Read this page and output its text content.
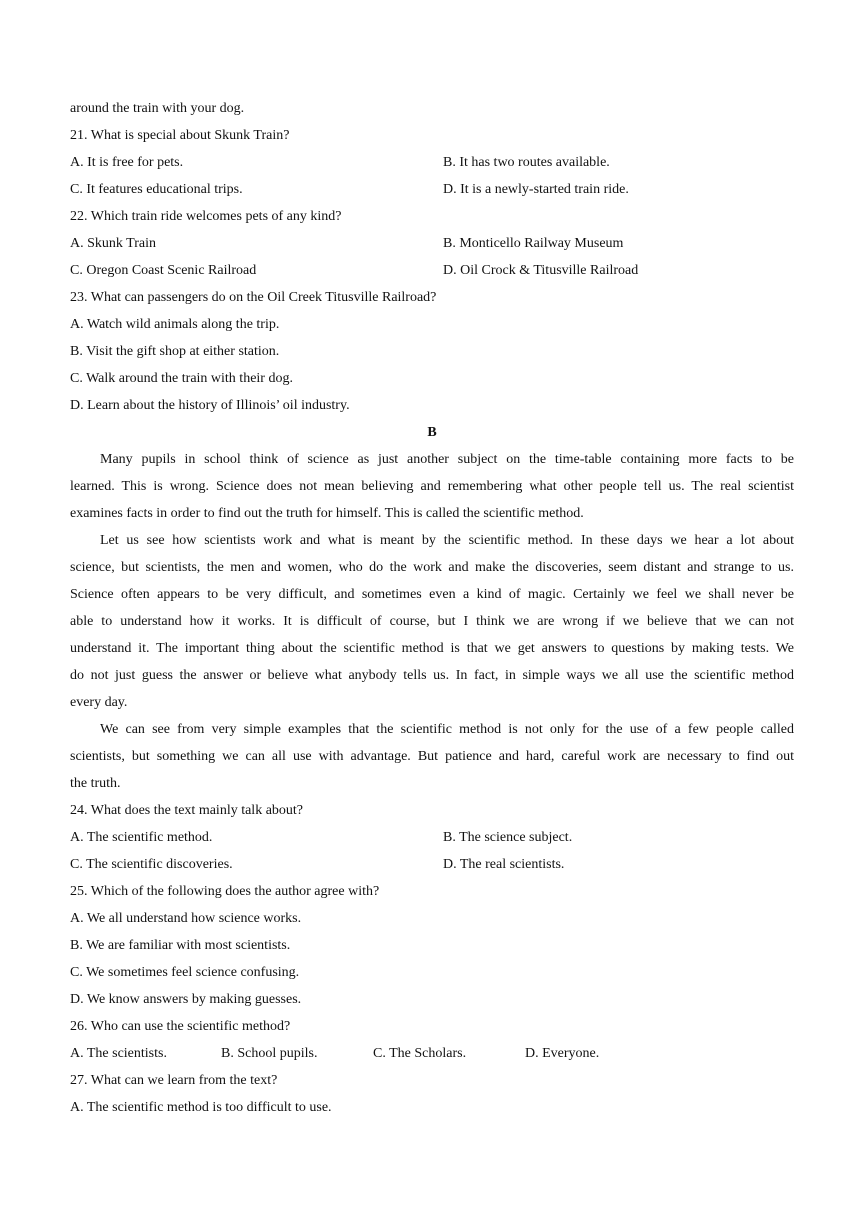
around the train with your dog.
21. What is special about Skunk Train?
A. It is free for pets.	B. It has two routes available.
C. It features educational trips.	D. It is a newly-started train ride.
22. Which train ride welcomes pets of any kind?
A. Skunk Train	B. Monticello Railway Museum
C. Oregon Coast Scenic Railroad	D. Oil Crock & Titusville Railroad
23. What can passengers do on the Oil Creek Titusville Railroad?
A. Watch wild animals along the trip.
B. Visit the gift shop at either station.
C. Walk around the train with their dog.
D. Learn about the history of Illinois’ oil industry.
B
Many pupils in school think of science as just another subject on the time-table containing more facts to be
learned. This is wrong. Science does not mean believing and remembering what other people tell us. The real scientist
examines facts in order to find out the truth for himself. This is called the scientific method.
Let us see how scientists work and what is meant by the scientific method. In these days we hear a lot about
science, but scientists, the men and women, who do the work and make the discoveries, seem distant and strange to us.
Science often appears to be very difficult, and sometimes even a kind of magic. Certainly we feel we shall never be
able to understand how it works. It is difficult of course, but I think we are wrong if we believe that we can not
understand it. The important thing about the scientific method is that we get answers to questions by making tests. We
do not just guess the answer or believe what anybody tells us. In fact, in simple ways we all use the scientific method
every day.
We can see from very simple examples that the scientific method is not only for the use of a few people called
scientists, but something we can all use with advantage. But patience and hard, careful work are necessary to find out
the truth.
24. What does the text mainly talk about?
A. The scientific method.	B. The science subject.
C. The scientific discoveries.	D. The real scientists.
25. Which of the following does the author agree with?
A. We all understand how science works.
B. We are familiar with most scientists.
C. We sometimes feel science confusing.
D. We know answers by making guesses.
26. Who can use the scientific method?
A. The scientists.	B. School pupils.	C. The Scholars.	D. Everyone.
27. What can we learn from the text?
A. The scientific method is too difficult to use.
